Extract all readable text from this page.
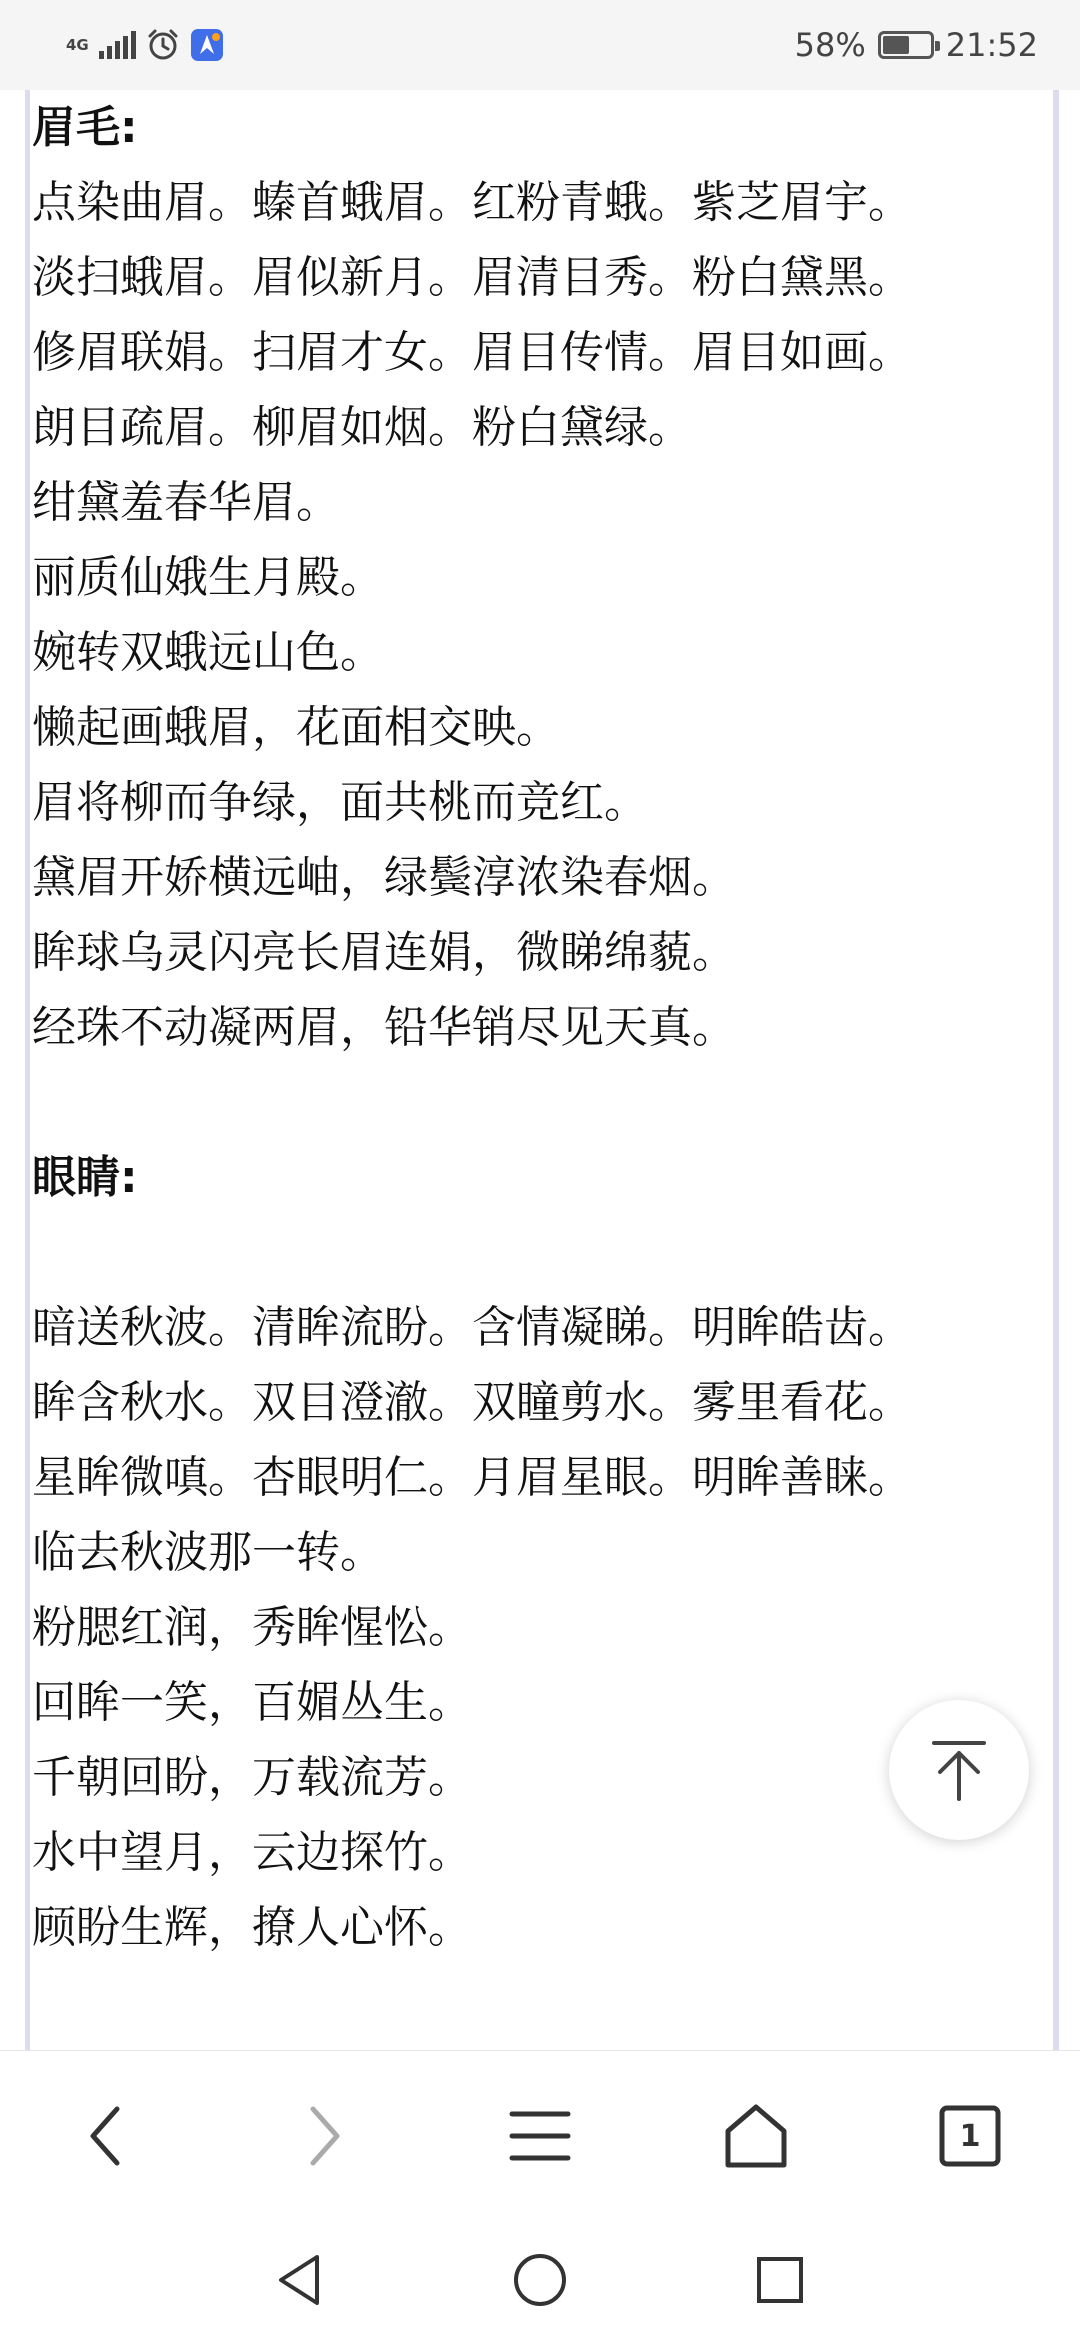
4G	58%	21:52
眉毛:
点染曲眉。螓首蛾眉。红粉青蛾。紫芝眉宇。
淡扫蛾眉。眉似新月。眉清目秀。粉白黛黑。
修眉联娟。扫眉才女。眉目传情。眉目如画。
朗目疏眉。柳眉如烟。粉白黛绿。
绀黛羞春华眉。
丽质仙娥生月殿。
婉转双蛾远山色。
懒起画蛾眉，花面相交映。
眉将柳而争绿，面共桃而竞红。
黛眉开娇横远岫，绿鬓淳浓染春烟。
眸球乌灵闪亮长眉连娟，微睇绵藐。
经珠不动凝两眉，铅华销尽见天真。
眼睛:
暗送秋波。清眸流盼。含情凝睇。明眸皓齿。
眸含秋水。双目澄澈。双瞳剪水。雾里看花。
星眸微嗔。杏眼明仁。月眉星眼。明眸善睐。
临去秋波那一转。
粉腮红润，秀眸惺忪。
回眸一笑，百媚丛生。
千朝回盼，万载流芳。
水中望月，云边探竹。
顾盼生辉，撩人心怀。
1
